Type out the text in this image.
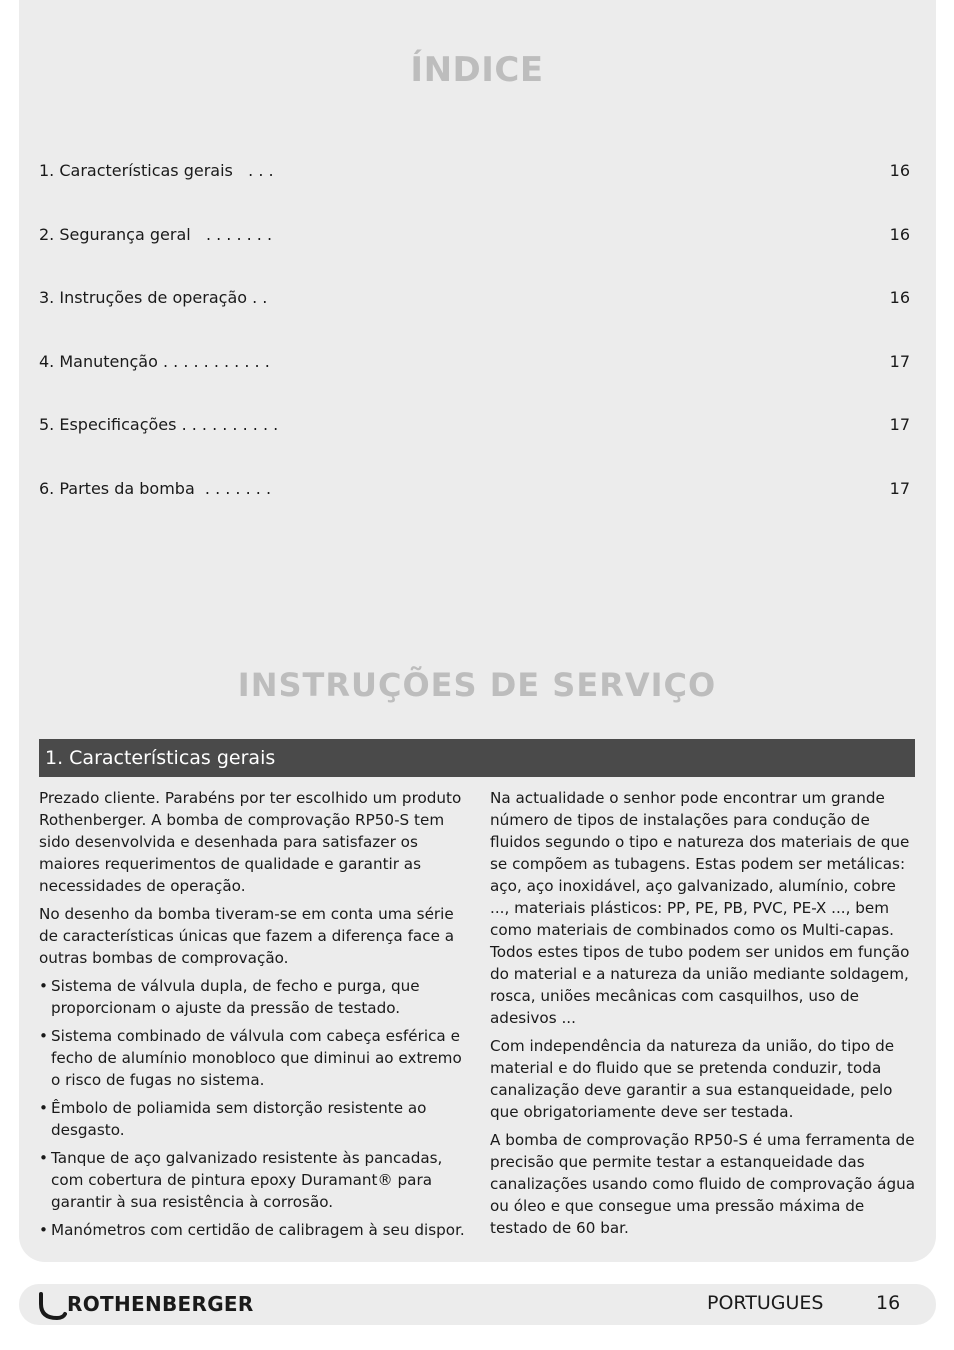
ÍNDICE
1. Características gerais   . . .	16
2. Segurança geral   . . . . . . .	16
3. Instruções de operação . .	16
4. Manutenção . . . . . . . . . . .	17
5. Especificações . . . . . . . . . .	17
6. Partes da bomba  . . . . . . .	17
INSTRUÇÕES DE SERVIÇO
1. Características gerais

Prezado cliente. Parabéns por ter escolhido um produto Rothenberger. A bomba de comprovação RP50-S tem sido desenvolvida e desenhada para satisfazer os maiores requerimentos de qualidade e garantir as necessidades de operação.

No desenho da bomba tiveram-se em conta uma série de características únicas que fazem a diferença face a outras bombas de comprovação.

• Sistema de válvula dupla, de fecho e purga, que proporcionam o ajuste da pressão de testado.
• Sistema combinado de válvula com cabeça esférica e fecho de alumínio monobloco que diminui ao extremo o risco de fugas no sistema.
• Êmbolo de poliamida sem distorção resistente ao desgasto.
• Tanque de aço galvanizado resistente às pancadas, com cobertura de pintura epoxy Duramant® para garantir à sua resistência à corrosão.
• Manómetros com certidão de calibragem à seu dispor.

Na actualidade o senhor pode encontrar um grande número de tipos de instalações para condução de fluidos segundo o tipo e natureza dos materiais de que se compõem as tubagens. Estas podem ser metálicas: aço, aço inoxidável, aço galvanizado, alumínio, cobre ..., materiais plásticos: PP, PE, PB, PVC, PE-X ..., bem como materiais de combinados como os Multi-capas. Todos estes tipos de tubo podem ser unidos em função do material e a natureza da união mediante soldagem, rosca, uniões mecânicas com casquilhos, uso de adesivos ...

Com independência da natureza da união, do tipo de material e do fluido que se pretenda conduzir, toda canalização deve garantir a sua estanqueidade, pelo que obrigatoriamente deve ser testada.

A bomba de comprovação RP50-S é uma ferramenta de precisão que permite testar a estanqueidade das canalizações usando como fluido de comprovação água ou óleo e que consegue uma pressão máxima de testado de 60 bar.

ROTHENBERGER	PORTUGUES	16
